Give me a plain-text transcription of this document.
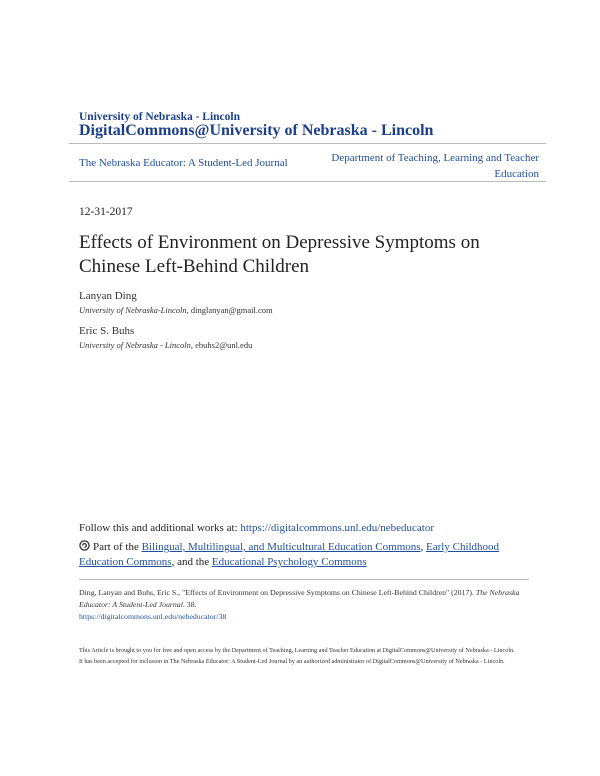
University of Nebraska - Lincoln
DigitalCommons@University of Nebraska - Lincoln
The Nebraska Educator: A Student-Led Journal	Department of Teaching, Learning and Teacher
Education
12-31-2017
Effects of Environment on Depressive Symptoms on Chinese Left-Behind Children
Lanyan Ding
University of Nebraska-Lincoln, dinglanyan@gmail.com
Eric S. Buhs
University of Nebraska - Lincoln, ebuhs2@unl.edu
Follow this and additional works at: https://digitalcommons.unl.edu/nebeducator
Part of the Bilingual, Multilingual, and Multicultural Education Commons, Early Childhood Education Commons, and the Educational Psychology Commons
Ding, Lanyan and Buhs, Eric S., "Effects of Environment on Depressive Symptoms on Chinese Left-Behind Children" (2017). The Nebraska Educator: A Student-Led Journal. 38.
https://digitalcommons.unl.edu/nebeducator/38
This Article is brought to you for free and open access by the Department of Teaching, Learning and Teacher Education at DigitalCommons@University of Nebraska - Lincoln. It has been accepted for inclusion in The Nebraska Educator: A Student-Led Journal by an authorized administrator of DigitalCommons@University of Nebraska - Lincoln.
